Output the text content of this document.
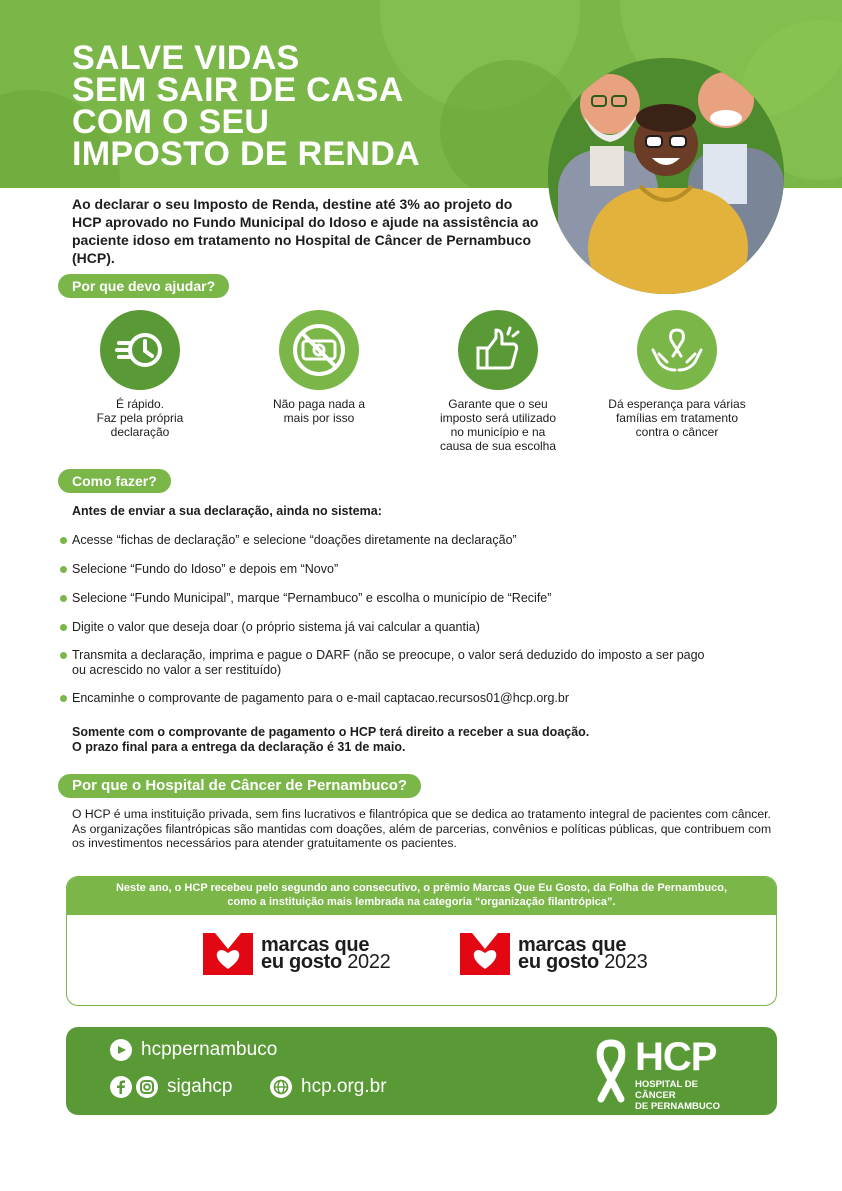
SALVE VIDAS
SEM SAIR DE CASA
COM O SEU
IMPOSTO DE RENDA

Ao declarar o seu Imposto de Renda, destine até 3% ao projeto do HCP aprovado no Fundo Municipal do Idoso e ajude na assistência ao paciente idoso em tratamento no Hospital de Câncer de Pernambuco (HCP).

Por que devo ajudar?
É rápido.
Faz pela própria
declaração
Não paga nada a
mais por isso
Garante que o seu
imposto será utilizado
no município e na
causa de sua escolha
Dá esperança para várias
famílias em tratamento
contra o câncer
Como fazer?
Antes de enviar a sua declaração, ainda no sistema:
Acesse “fichas de declaração” e selecione “doações diretamente na declaração”
Selecione “Fundo do Idoso” e depois em “Novo”
Selecione “Fundo Municipal”, marque “Pernambuco” e escolha o município de “Recife”
Digite o valor que deseja doar (o próprio sistema já vai calcular a quantia)
Transmita a declaração, imprima e pague o DARF (não se preocupe, o valor será deduzido do imposto a ser pago ou acrescido no valor a ser restituído)
Encaminhe o comprovante de pagamento para o e-mail captacao.recursos01@hcp.org.br
Somente com o comprovante de pagamento o HCP terá direito a receber a sua doação.
O prazo final para a entrega da declaração é 31 de maio.
Por que o Hospital de Câncer de Pernambuco?

O HCP é uma instituição privada, sem fins lucrativos e filantrópica que se dedica ao tratamento integral de pacientes com câncer. As organizações filantrópicas são mantidas com doações, além de parcerias, convênios e políticas públicas, que contribuem com os investimentos necessários para atender gratuitamente os pacientes.

Neste ano, o HCP recebeu pelo segundo ano consecutivo, o prêmio Marcas Que Eu Gosto, da Folha de Pernambuco,
como a instituição mais lembrada na categoria “organização filantrópica”.
marcas que
eu gosto 2022
marcas que
eu gosto 2023
hcppernambuco
sigahcp	hcp.org.br
HCP
HOSPITAL DE CÂNCER
DE PERNAMBUCO
